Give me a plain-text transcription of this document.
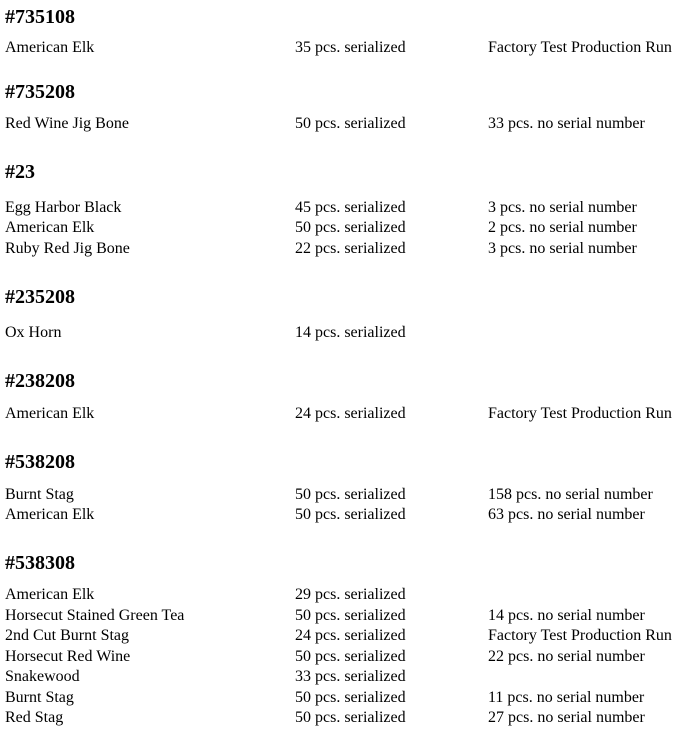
#735108
American Elk	35 pcs. serialized	Factory Test Production Run
#735208
Red Wine Jig Bone	50 pcs. serialized	33 pcs. no serial number
#23
Egg Harbor Black	45 pcs. serialized	3 pcs. no serial number
American Elk	50 pcs. serialized	2 pcs. no serial number
Ruby Red Jig Bone	22 pcs. serialized	3 pcs. no serial number
#235208
Ox Horn	14 pcs. serialized
#238208
American Elk	24 pcs. serialized	Factory Test Production Run
#538208
Burnt Stag	50 pcs. serialized	158 pcs. no serial number
American Elk	50 pcs. serialized	63 pcs. no serial number
#538308
American Elk	29 pcs. serialized
Horsecut Stained Green Tea	50 pcs. serialized	14 pcs. no serial number
2nd Cut Burnt Stag	24 pcs. serialized	Factory Test Production Run
Horsecut Red Wine	50 pcs. serialized	22 pcs. no serial number
Snakewood	33 pcs. serialized
Burnt Stag	50 pcs. serialized	11 pcs. no serial number
Red Stag	50 pcs. serialized	27 pcs. no serial number
